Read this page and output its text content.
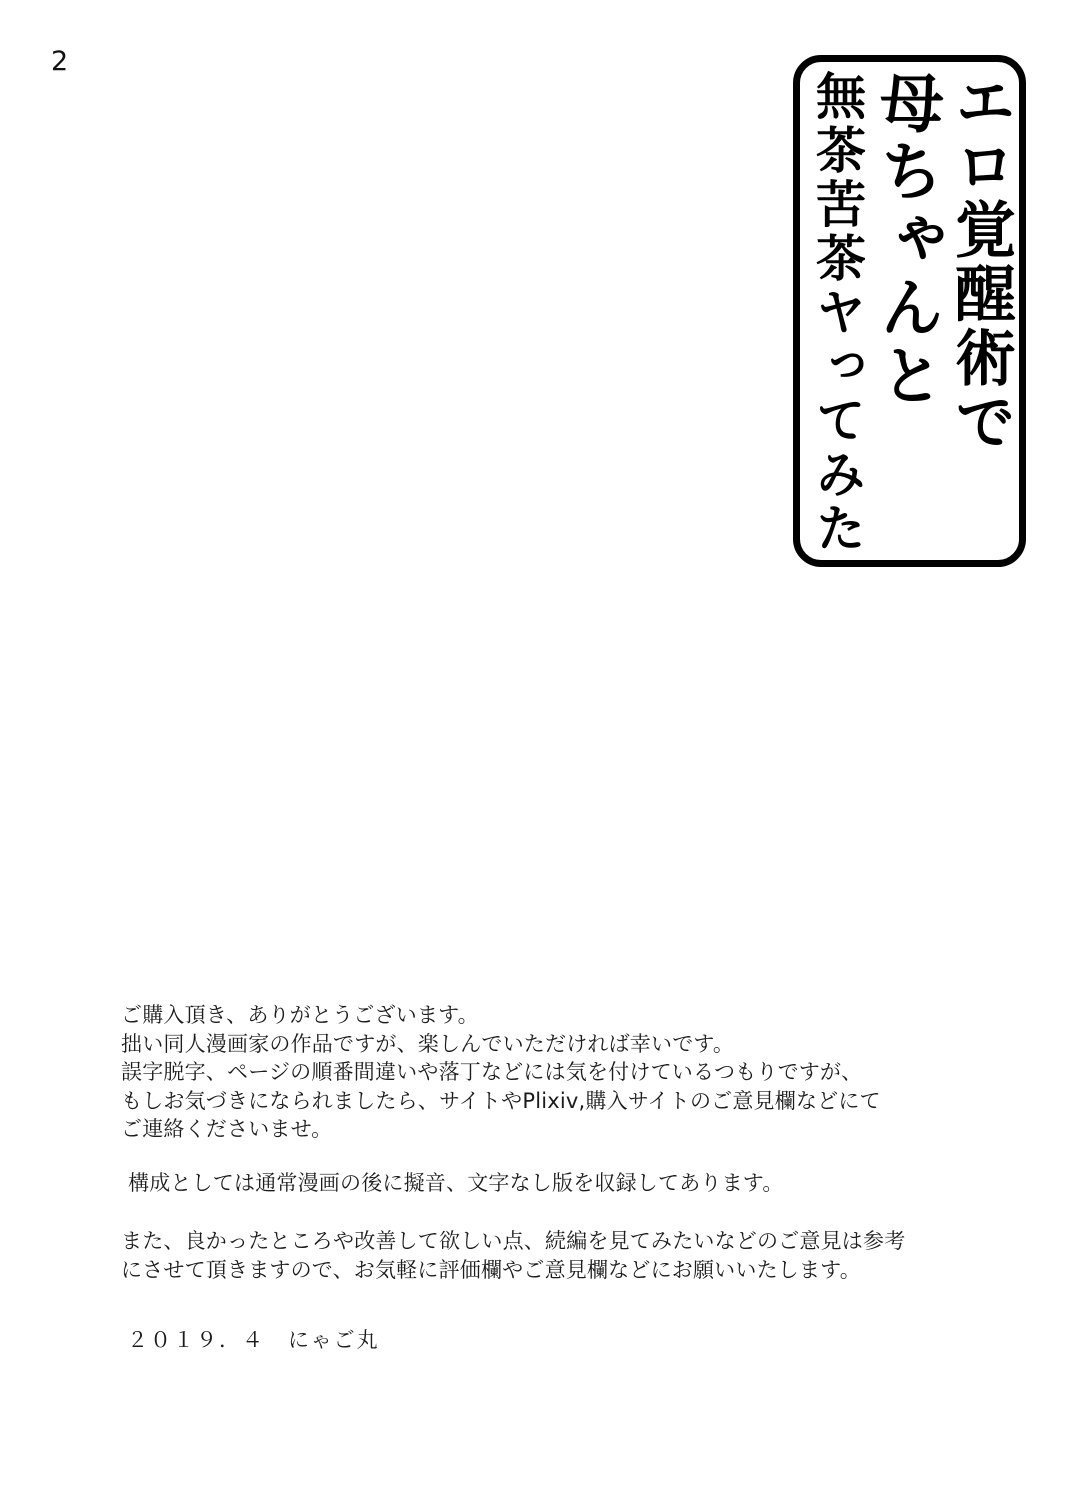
2
エロ覚醒術で
母ちゃんと
無茶苦茶ヤってみた
ご購入頂き、ありがとうございます。
拙い同人漫画家の作品ですが、楽しんでいただければ幸いです。
誤字脱字、ページの順番間違いや落丁などには気を付けているつもりですが、
もしお気づきになられましたら、サイトやPlixiv,購入サイトのご意見欄などにて
ご連絡くださいませ。
構成としては通常漫画の後に擬音、文字なし版を収録してあります。
また、良かったところや改善して欲しい点、続編を見てみたいなどのご意見は参考
にさせて頂きますので、お気軽に評価欄やご意見欄などにお願いいたします。
２０１９．４　にゃご丸
